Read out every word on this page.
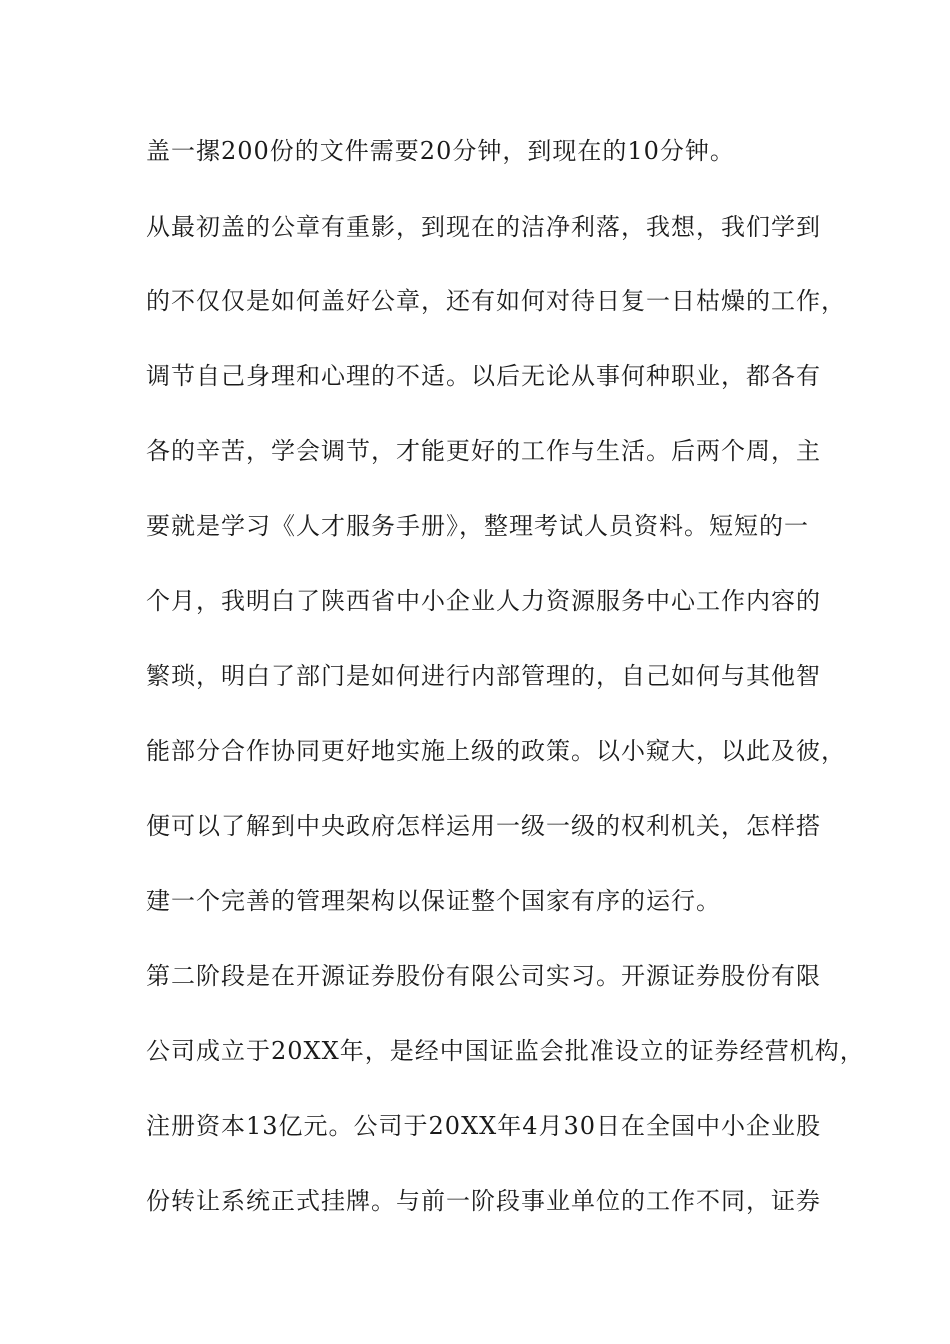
盖一摞200份的文件需要20分钟，到现在的10分钟。

从最初盖的公章有重影，到现在的洁净利落，我想，我们学到

的不仅仅是如何盖好公章，还有如何对待日复一日枯燥的工作，

调节自己身理和心理的不适。以后无论从事何种职业，都各有

各的辛苦，学会调节，才能更好的工作与生活。后两个周，主

要就是学习《人才服务手册》，整理考试人员资料。短短的一

个月，我明白了陕西省中小企业人力资源服务中心工作内容的

繁琐，明白了部门是如何进行内部管理的，自己如何与其他智

能部分合作协同更好地实施上级的政策。以小窥大，以此及彼，

便可以了解到中央政府怎样运用一级一级的权利机关，怎样搭

建一个完善的管理架构以保证整个国家有序的运行。

第二阶段是在开源证券股份有限公司实习。开源证券股份有限

公司成立于20XX年，是经中国证监会批准设立的证券经营机构，

注册资本13亿元。公司于20XX年4月30日在全国中小企业股

份转让系统正式挂牌。与前一阶段事业单位的工作不同，证券
